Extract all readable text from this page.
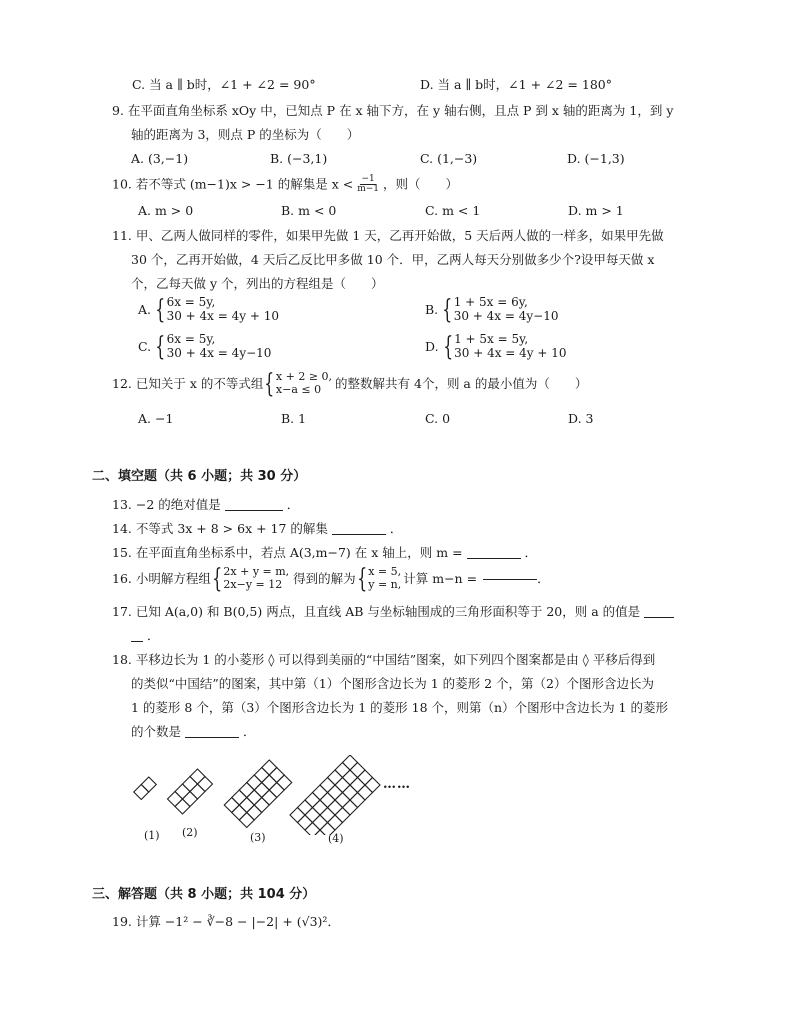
C. 当 a ∥ b时，∠1 + ∠2 = 90°	D. 当 a ∥ b时，∠1 + ∠2 = 180°
9. 在平面直角坐标系 xOy 中，已知点 P 在 x 轴下方，在 y 轴右侧，且点 P 到 x 轴的距离为 1，到 y
轴的距离为 3，则点 P 的坐标为（　　）
A. (3,−1)	B. (−3,1)	C. (1,−3)	D. (−1,3)
10. 若不等式 (m−1)x > −1 的解集是 $x < \frac{-1}{m-1}$ ，则（　　）
A. m > 0	B. m < 0	C. m < 1	D. m > 1
11. 甲、乙两人做同样的零件，如果甲先做 1 天，乙再开始做，5 天后两人做的一样多，如果甲先做
30 个，乙再开始做，4 天后乙反比甲多做 10 个．甲，乙两人每天分别做多少个?设甲每天做 x
个，乙每天做 y 个，列出的方程组是（　　）
A. { 6x = 5y,
30 + 4x = 4y + 10	B. { 1 + 5x = 6y,
30 + 4x = 4y−10
C. { 6x = 5y,
30 + 4x = 4y−10	D. { 1 + 5x = 5y,
30 + 4x = 4y + 10
12. 已知关于 x 的不等式组 { x + 2 ≥ 0,
x−a ≤ 0	的整数解共有 4个，则 a 的最小值为（　　）
A. −1	B. 1	C. 0	D. 3
二、填空题（共 6 小题；共 30 分）
13. −2 的绝对值是	．
14. 不等式 3x + 8 > 6x + 17 的解集	．
15. 在平面直角坐标系中，若点 A(3,m−7) 在 x 轴上，则 m =	．
16. 小明解方程组 { 2x + y = m,
2x−y = 12 得到的解为 { x = 5,
y = n, 计算 m−n =	．
17. 已知 A(a,0) 和 B(0,5) 两点，且直线 AB 与坐标轴围成的三角形面积等于 20，则 a 的值是
．
18. 平移边长为 1 的小菱形 ◊ 可以得到美丽的“中国结”图案，如下列四个图案都是由 ◊ 平移后得到
的类似“中国结”的图案，其中第（1）个图形含边长为 1 的菱形 2 个，第（2）个图形含边长为
1 的菱形 8 个，第（3）个图形含边长为 1 的菱形 18 个，则第（n）个图形中含边长为 1 的菱形
的个数是	．
……
(1) (2)	(3)	(4)
三、解答题（共 8 小题；共 104 分）
19. 计算 −1² − ∛−8 − |−2| + (√3)²．
